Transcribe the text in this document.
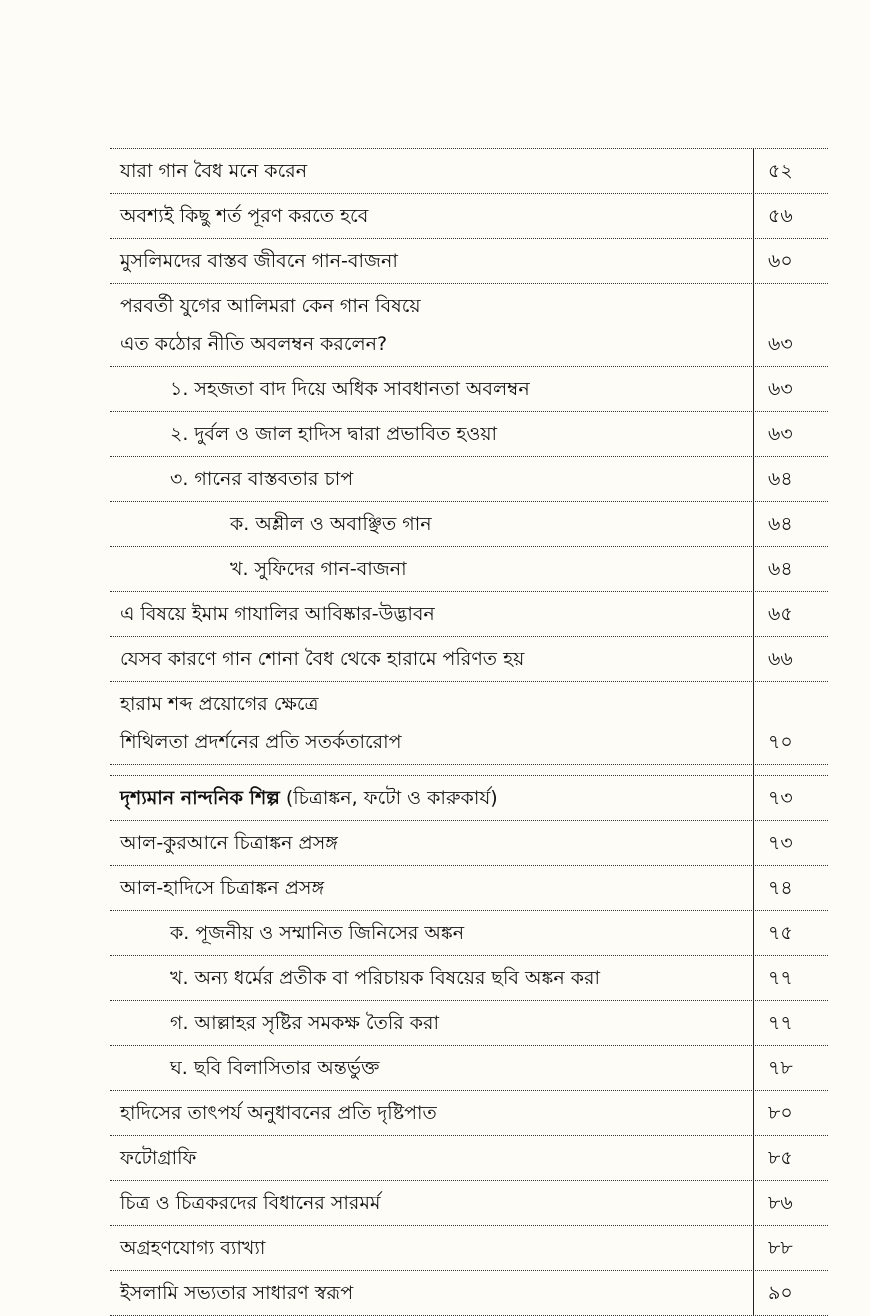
যারা গান বৈধ মনে করেন	৫২
অবশ্যই কিছু শর্ত পূরণ করতে হবে	৫৬
মুসলিমদের বাস্তব জীবনে গান-বাজনা	৬০
পরবর্তী যুগের আলিমরা কেন গান বিষয়ে
এত কঠোর নীতি অবলম্বন করলেন?	৬৩
১. সহজতা বাদ দিয়ে অধিক সাবধানতা অবলম্বন	৬৩
২. দুর্বল ও জাল হাদিস দ্বারা প্রভাবিত হওয়া	৬৩
৩. গানের বাস্তবতার চাপ	৬৪
ক. অশ্লীল ও অবাঞ্ছিত গান	৬৪
খ. সুফিদের গান-বাজনা	৬৪
এ বিষয়ে ইমাম গাযালির আবিষ্কার-উদ্ভাবন	৬৫
যেসব কারণে গান শোনা বৈধ থেকে হারামে পরিণত হয়	৬৬
হারাম শব্দ প্রয়োগের ক্ষেত্রে
শিথিলতা প্রদর্শনের প্রতি সতর্কতারোপ	৭০
দৃশ্যমান নান্দনিক শিল্প (চিত্রাঙ্কন, ফটো ও কারুকার্য)	৭৩
আল-কুরআনে চিত্রাঙ্কন প্রসঙ্গ	৭৩
আল-হাদিসে চিত্রাঙ্কন প্রসঙ্গ	৭৪
ক. পূজনীয় ও সম্মানিত জিনিসের অঙ্কন	৭৫
খ. অন্য ধর্মের প্রতীক বা পরিচায়ক বিষয়ের ছবি অঙ্কন করা	৭৭
গ. আল্লাহর সৃষ্টির সমকক্ষ তৈরি করা	৭৭
ঘ. ছবি বিলাসিতার অন্তর্ভুক্ত	৭৮
হাদিসের তাৎপর্য অনুধাবনের প্রতি দৃষ্টিপাত	৮০
ফটোগ্রাফি	৮৫
চিত্র ও চিত্রকরদের বিধানের সারমর্ম	৮৬
অগ্রহণযোগ্য ব্যাখ্যা	৮৮
ইসলামি সভ্যতার সাধারণ স্বরূপ	৯০
